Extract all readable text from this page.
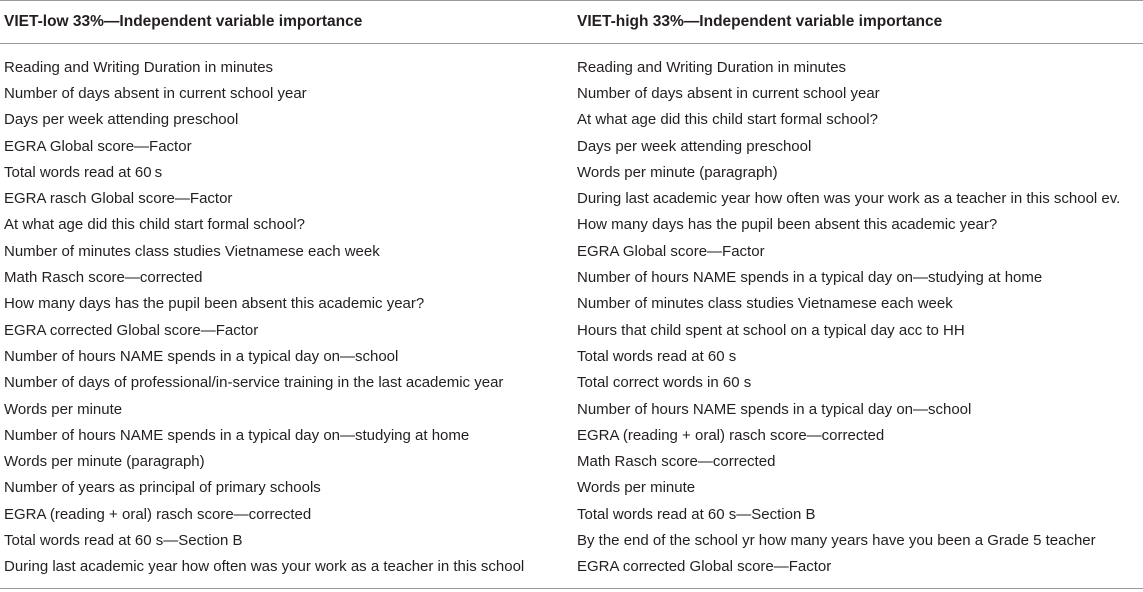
VIET-low 33%—Independent variable importance	VIET-high 33%—Independent variable importance
Reading and Writing Duration in minutes	Reading and Writing Duration in minutes
Number of days absent in current school year	Number of days absent in current school year
Days per week attending preschool	At what age did this child start formal school?
EGRA Global score—Factor	Days per week attending preschool
Total words read at 60 s	Words per minute (paragraph)
EGRA rasch Global score—Factor	During last academic year how often was your work as a teacher in this school ev.
At what age did this child start formal school?	How many days has the pupil been absent this academic year?
Number of minutes class studies Vietnamese each week	EGRA Global score—Factor
Math Rasch score—corrected	Number of hours NAME spends in a typical day on—studying at home
How many days has the pupil been absent this academic year?	Number of minutes class studies Vietnamese each week
EGRA corrected Global score—Factor	Hours that child spent at school on a typical day acc to HH
Number of hours NAME spends in a typical day on—school	Total words read at 60 s
Number of days of professional/in-service training in the last academic year	Total correct words in 60 s
Words per minute	Number of hours NAME spends in a typical day on—school
Number of hours NAME spends in a typical day on—studying at home	EGRA (reading + oral) rasch score—corrected
Words per minute (paragraph)	Math Rasch score—corrected
Number of years as principal of primary schools	Words per minute
EGRA (reading + oral) rasch score—corrected	Total words read at 60 s—Section B
Total words read at 60 s—Section B	By the end of the school yr how many years have you been a Grade 5 teacher
During last academic year how often was your work as a teacher in this school	EGRA corrected Global score—Factor
